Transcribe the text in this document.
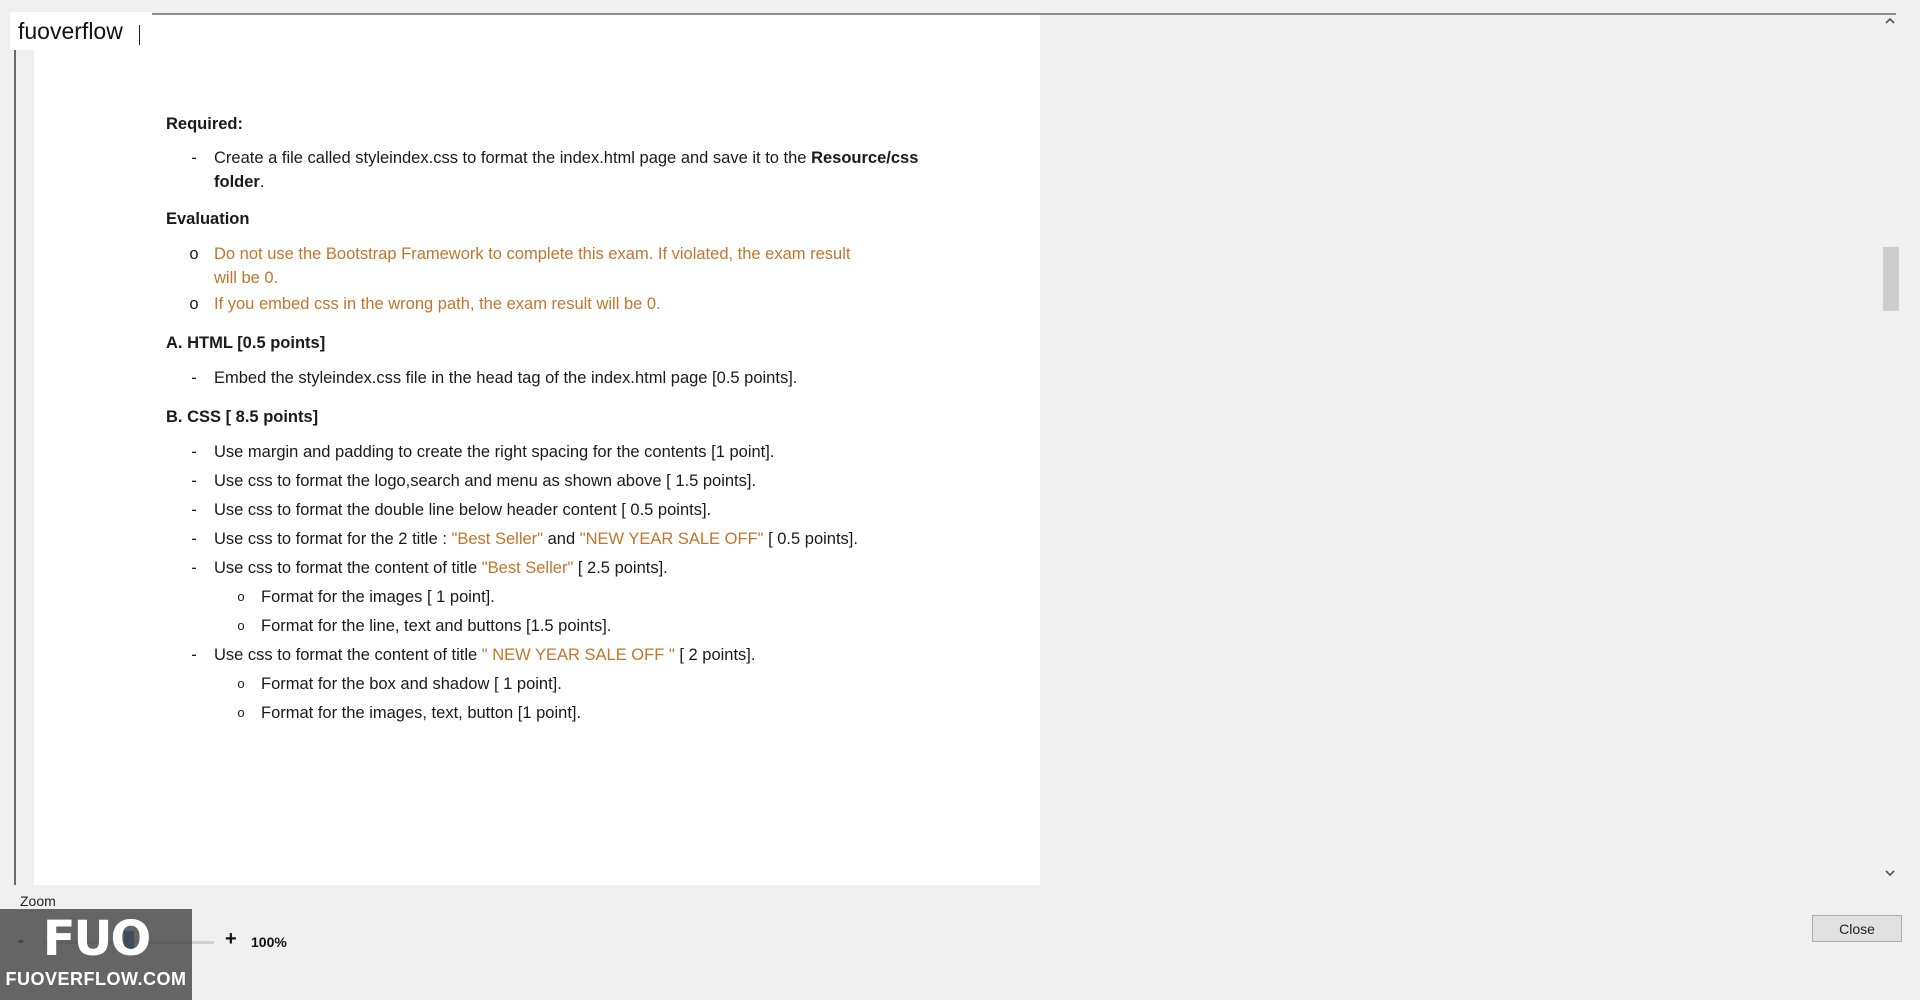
fuoverflow
Required:
-	Create a file called styleindex.css to format the index.html page and save it to the Resource/css
folder.
Evaluation
o Do not use the Bootstrap Framework to complete this exam. If violated, the exam result
will be 0.
o If you embed css in the wrong path, the exam result will be 0.
A. HTML [0.5 points]
-	Embed the styleindex.css file in the head tag of the index.html page [0.5 points].
B. CSS [ 8.5 points]
-	Use margin and padding to create the right spacing for the contents [1 point].
-	Use css to format the logo,search and menu as shown above [ 1.5 points].
-	Use css to format the double line below header content [ 0.5 points].
-	Use css to format for the 2 title : "Best Seller" and "NEW YEAR SALE OFF" [ 0.5 points].
-	Use css to format the content of title "Best Seller" [ 2.5 points].
o Format for the images [ 1 point].
o Format for the line, text and buttons [1.5 points].
-	Use css to format the content of title " NEW YEAR SALE OFF " [ 2 points].
o Format for the box and shadow [ 1 point].
o Format for the images, text, button [1 point].
Zoom
+ 100%
FUO
FUOVERFLOW.COM
Close
